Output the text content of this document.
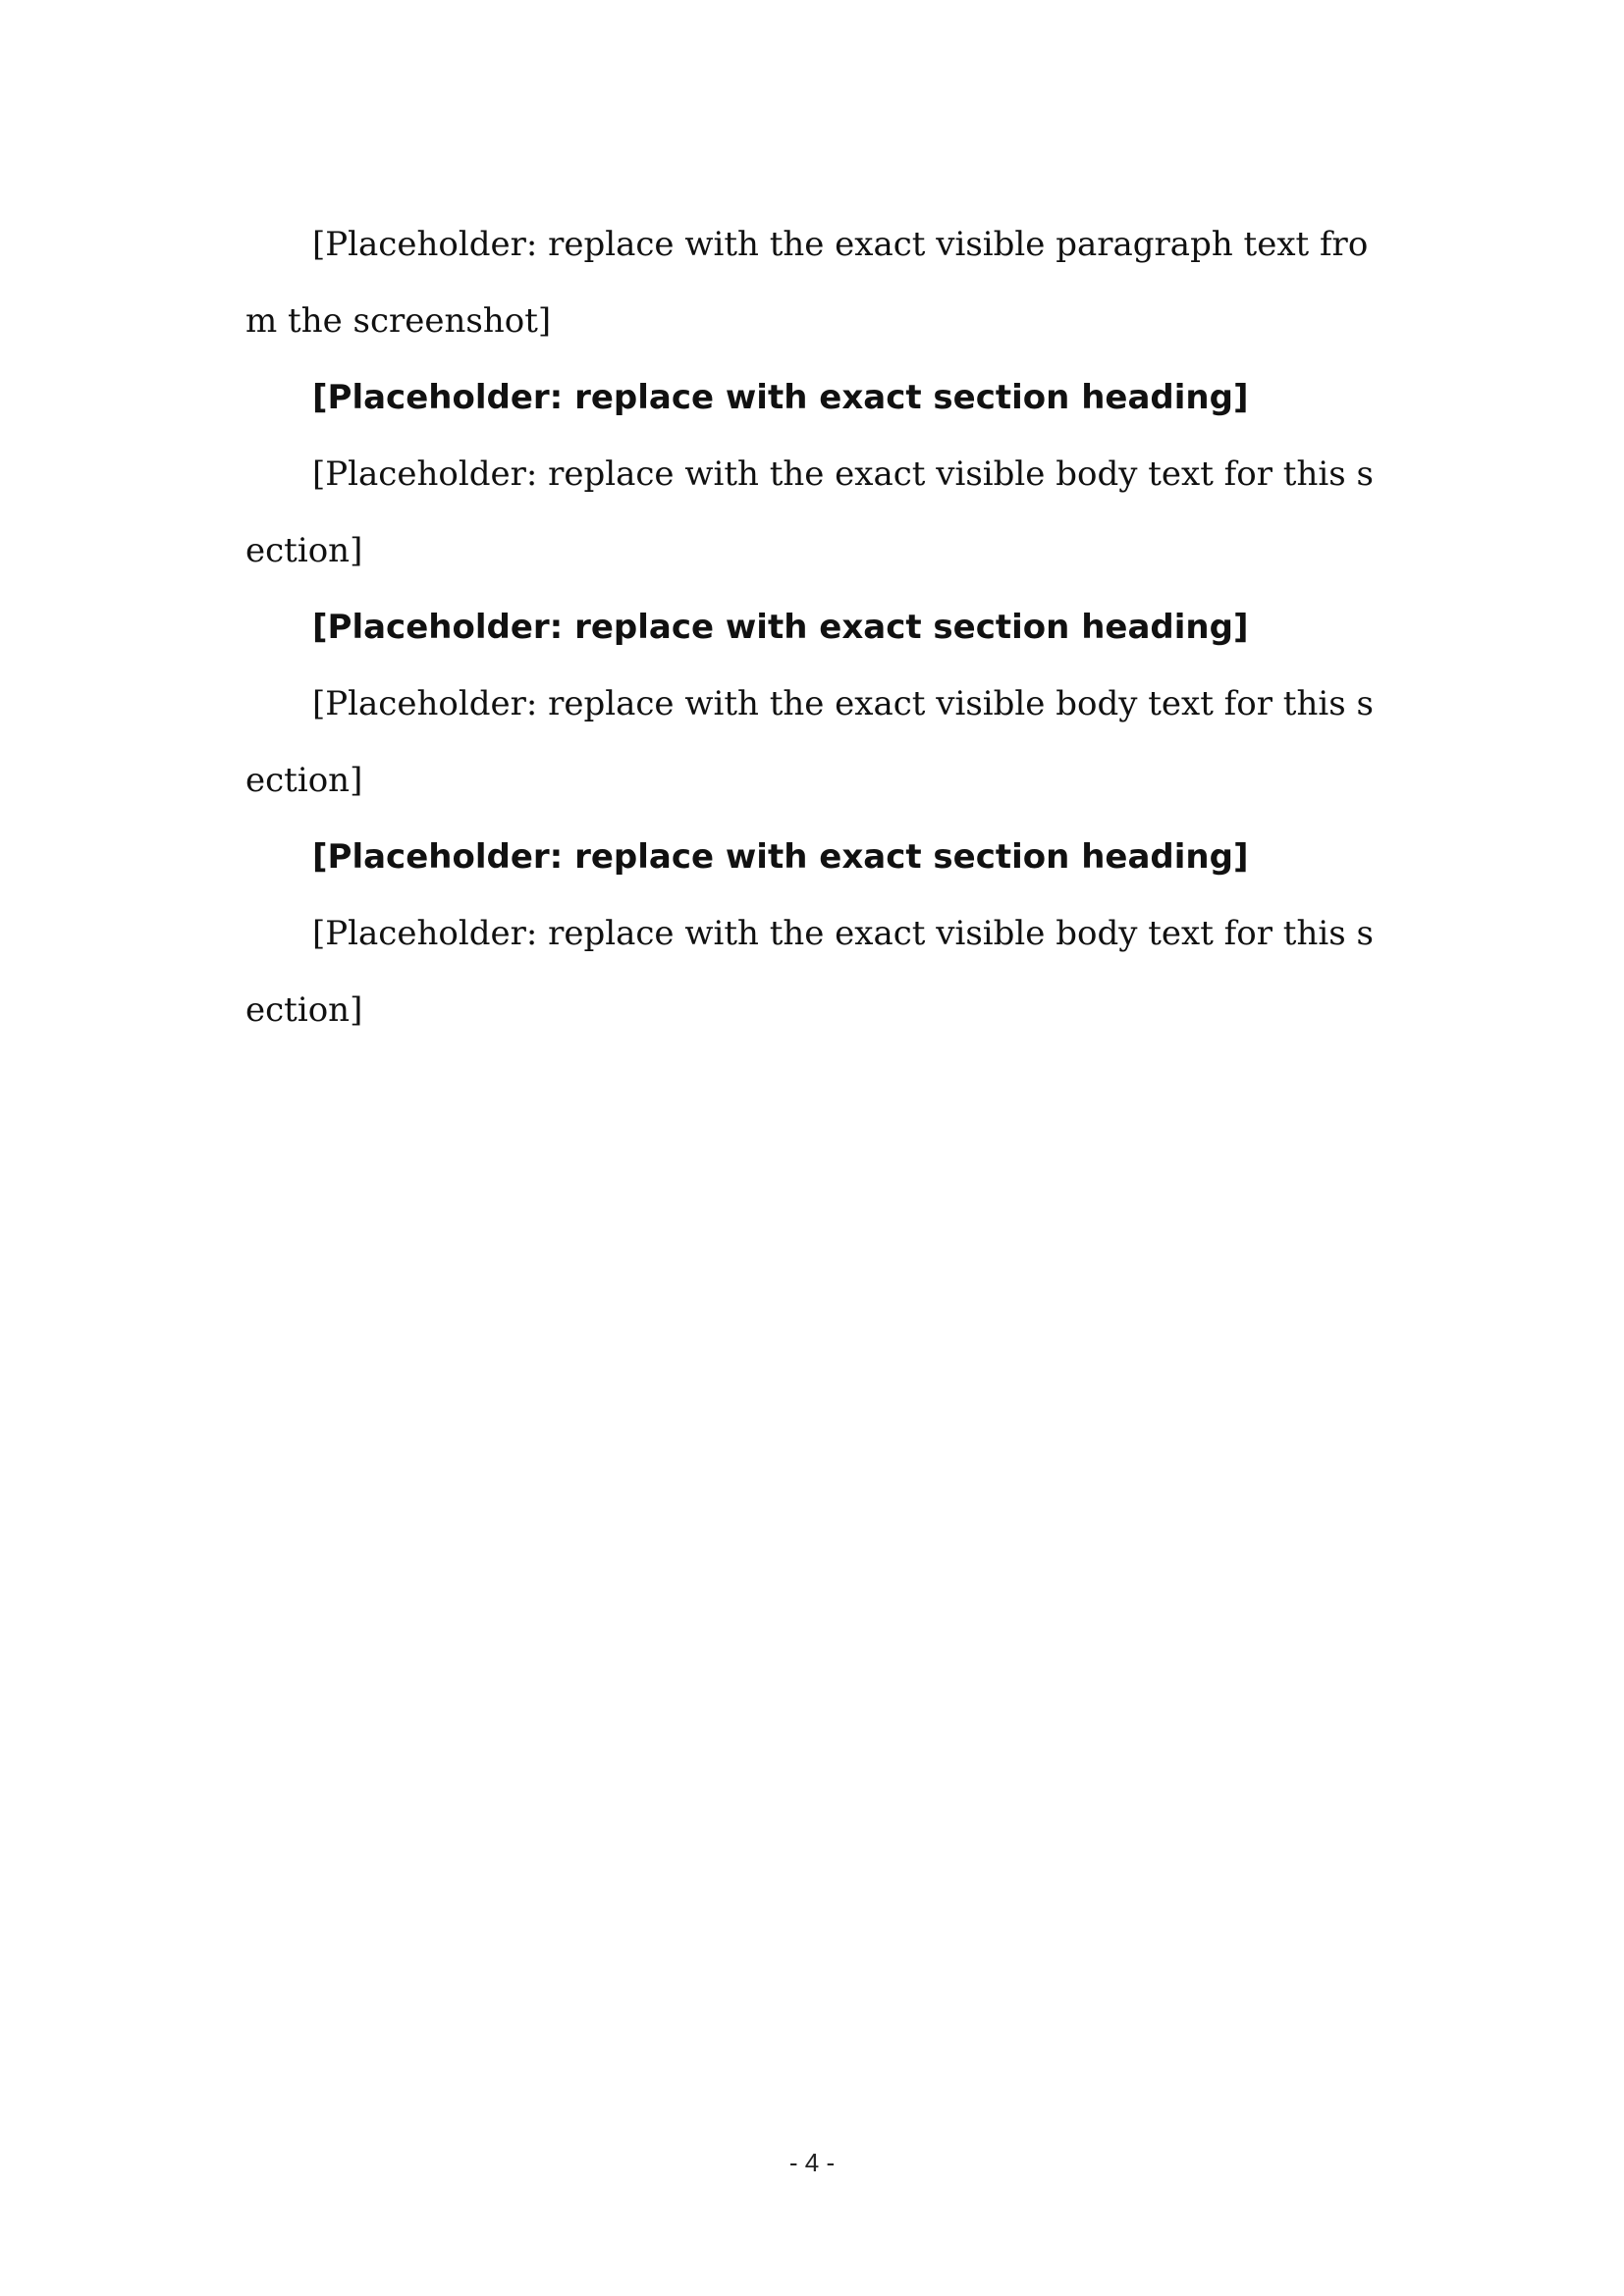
[Placeholder: replace with the exact visible paragraph text from the screenshot]

[Placeholder: replace with exact section heading]

[Placeholder: replace with the exact visible body text for this section]

[Placeholder: replace with exact section heading]

[Placeholder: replace with the exact visible body text for this section]

[Placeholder: replace with exact section heading]

[Placeholder: replace with the exact visible body text for this section]

- 4 -
